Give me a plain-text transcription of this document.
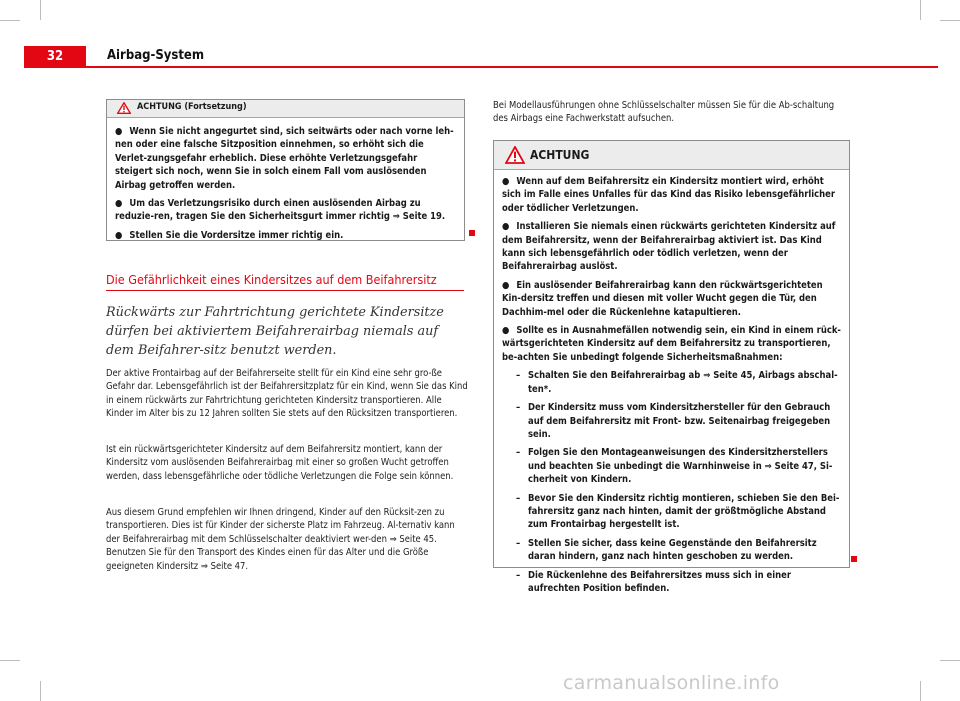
32	Airbag-System
ACHTUNG (Fortsetzung)

● Wenn Sie nicht angegurtet sind, sich seitwärts oder nach vorne leh-nen oder eine falsche Sitzposition einnehmen, so erhöht sich die Verlet-zungsgefahr erheblich. Diese erhöhte Verletzungsgefahr steigert sich noch, wenn Sie in solch einem Fall vom auslösenden Airbag getroffen werden.

● Um das Verletzungsrisiko durch einen auslösenden Airbag zu reduzie-ren, tragen Sie den Sicherheitsgurt immer richtig ⇒ Seite 19.

● Stellen Sie die Vordersitze immer richtig ein.

Die Gefährlichkeit eines Kindersitzes auf dem Beifahrersitz
Rückwärts zur Fahrtrichtung gerichtete Kindersitze dürfen bei aktiviertem Beifahrerairbag niemals auf dem Beifahrer-sitz benutzt werden.
Der aktive Frontairbag auf der Beifahrerseite stellt für ein Kind eine sehr gro-ße Gefahr dar. Lebensgefährlich ist der Beifahrersitzplatz für ein Kind, wenn Sie das Kind in einem rückwärts zur Fahrtrichtung gerichteten Kindersitz transportieren. Alle Kinder im Alter bis zu 12 Jahren sollten Sie stets auf den Rücksitzen transportieren.
Ist ein rückwärtsgerichteter Kindersitz auf dem Beifahrersitz montiert, kann der Kindersitz vom auslösenden Beifahrerairbag mit einer so großen Wucht getroffen werden, dass lebensgefährliche oder tödliche Verletzungen die Folge sein können.
Aus diesem Grund empfehlen wir Ihnen dringend, Kinder auf den Rücksit-zen zu transportieren. Dies ist für Kinder der sicherste Platz im Fahrzeug. Al-ternativ kann der Beifahrerairbag mit dem Schlüsselschalter deaktiviert wer-den ⇒ Seite 45. Benutzen Sie für den Transport des Kindes einen für das Alter und die Größe geeigneten Kindersitz ⇒ Seite 47.
Bei Modellausführungen ohne Schlüsselschalter müssen Sie für die Ab-schaltung des Airbags eine Fachwerkstatt aufsuchen.
ACHTUNG

● Wenn auf dem Beifahrersitz ein Kindersitz montiert wird, erhöht sich im Falle eines Unfalles für das Kind das Risiko lebensgefährlicher oder tödlicher Verletzungen.

● Installieren Sie niemals einen rückwärts gerichteten Kindersitz auf dem Beifahrersitz, wenn der Beifahrerairbag aktiviert ist. Das Kind kann sich lebensgefährlich oder tödlich verletzen, wenn der Beifahrerairbag auslöst.

● Ein auslösender Beifahrerairbag kann den rückwärtsgerichteten Kin-dersitz treffen und diesen mit voller Wucht gegen die Tür, den Dachhim-mel oder die Rückenlehne katapultieren.

● Sollte es in Ausnahmefällen notwendig sein, ein Kind in einem rück-wärtsgerichteten Kindersitz auf dem Beifahrersitz zu transportieren, be-achten Sie unbedingt folgende Sicherheitsmaßnahmen:

– Schalten Sie den Beifahrerairbag ab ⇒ Seite 45, Airbags abschal-ten*.

– Der Kindersitz muss vom Kindersitzhersteller für den Gebrauch auf dem Beifahrersitz mit Front- bzw. Seitenairbag freigegeben sein.

– Folgen Sie den Montageanweisungen des Kindersitzherstellers und beachten Sie unbedingt die Warnhinweise in ⇒ Seite 47, Si-cherheit von Kindern.

– Bevor Sie den Kindersitz richtig montieren, schieben Sie den Bei-fahrersitz ganz nach hinten, damit der größtmögliche Abstand zum Frontairbag hergestellt ist.

– Stellen Sie sicher, dass keine Gegenstände den Beifahrersitz daran hindern, ganz nach hinten geschoben zu werden.

– Die Rückenlehne des Beifahrersitzes muss sich in einer aufrechten Position befinden.

carmanualsonline.info
